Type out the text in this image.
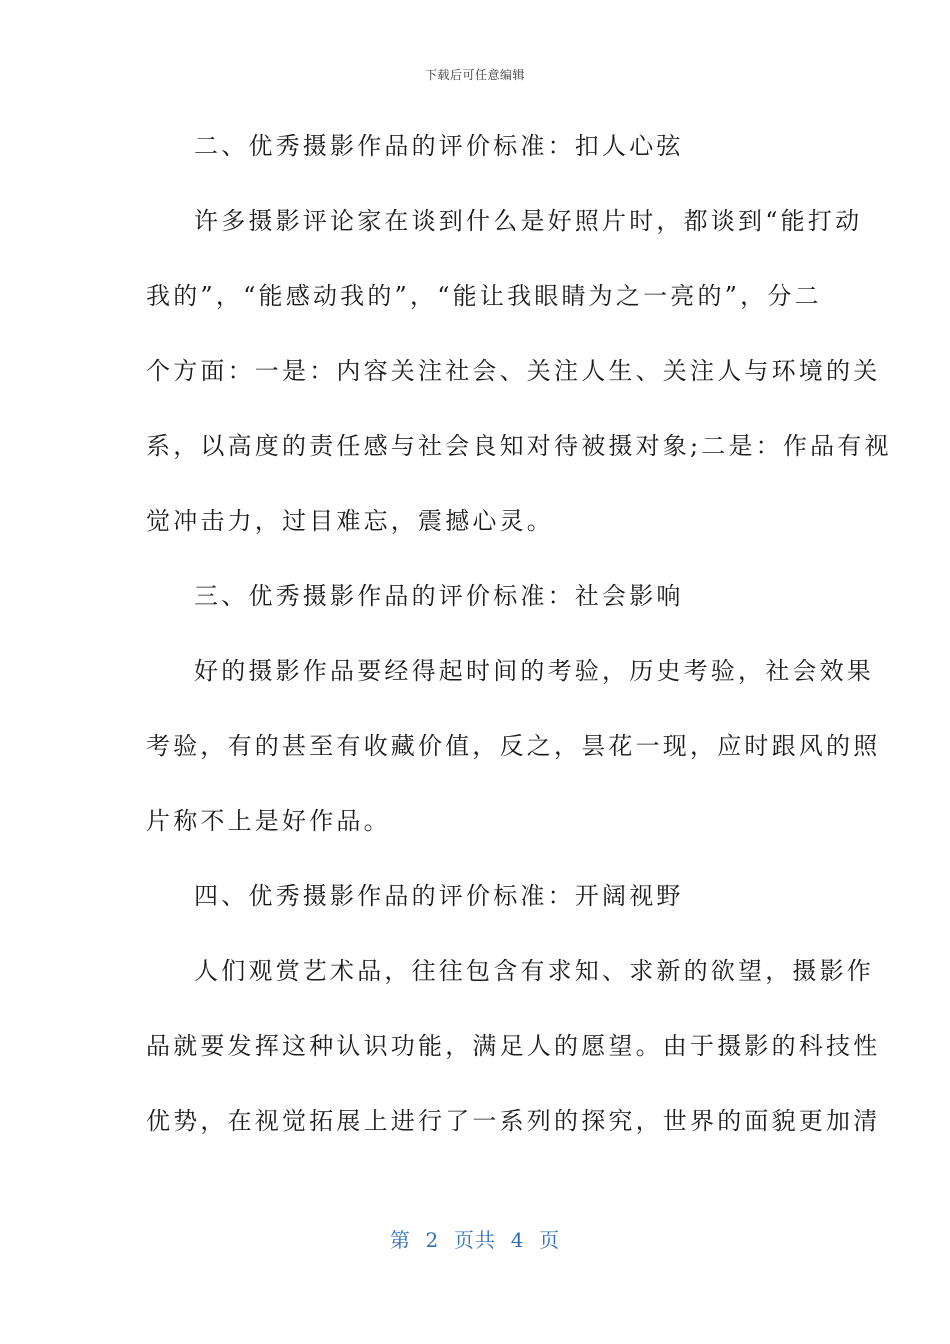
下载后可任意编辑
二、优秀摄影作品的评价标准：扣人心弦
许多摄影评论家在谈到什么是好照片时，都谈到“能打动
我的”，“能感动我的”，“能让我眼睛为之一亮的”，分二
个方面：一是：内容关注社会、关注人生、关注人与环境的关
系，以高度的责任感与社会良知对待被摄对象;二是：作品有视
觉冲击力，过目难忘，震撼心灵。
三、优秀摄影作品的评价标准：社会影响
好的摄影作品要经得起时间的考验，历史考验，社会效果
考验，有的甚至有收藏价值，反之，昙花一现，应时跟风的照
片称不上是好作品。
四、优秀摄影作品的评价标准：开阔视野
人们观赏艺术品，往往包含有求知、求新的欲望，摄影作
品就要发挥这种认识功能，满足人的愿望。由于摄影的科技性
优势，在视觉拓展上进行了一系列的探究，世界的面貌更加清
第  2  页共  4  页
